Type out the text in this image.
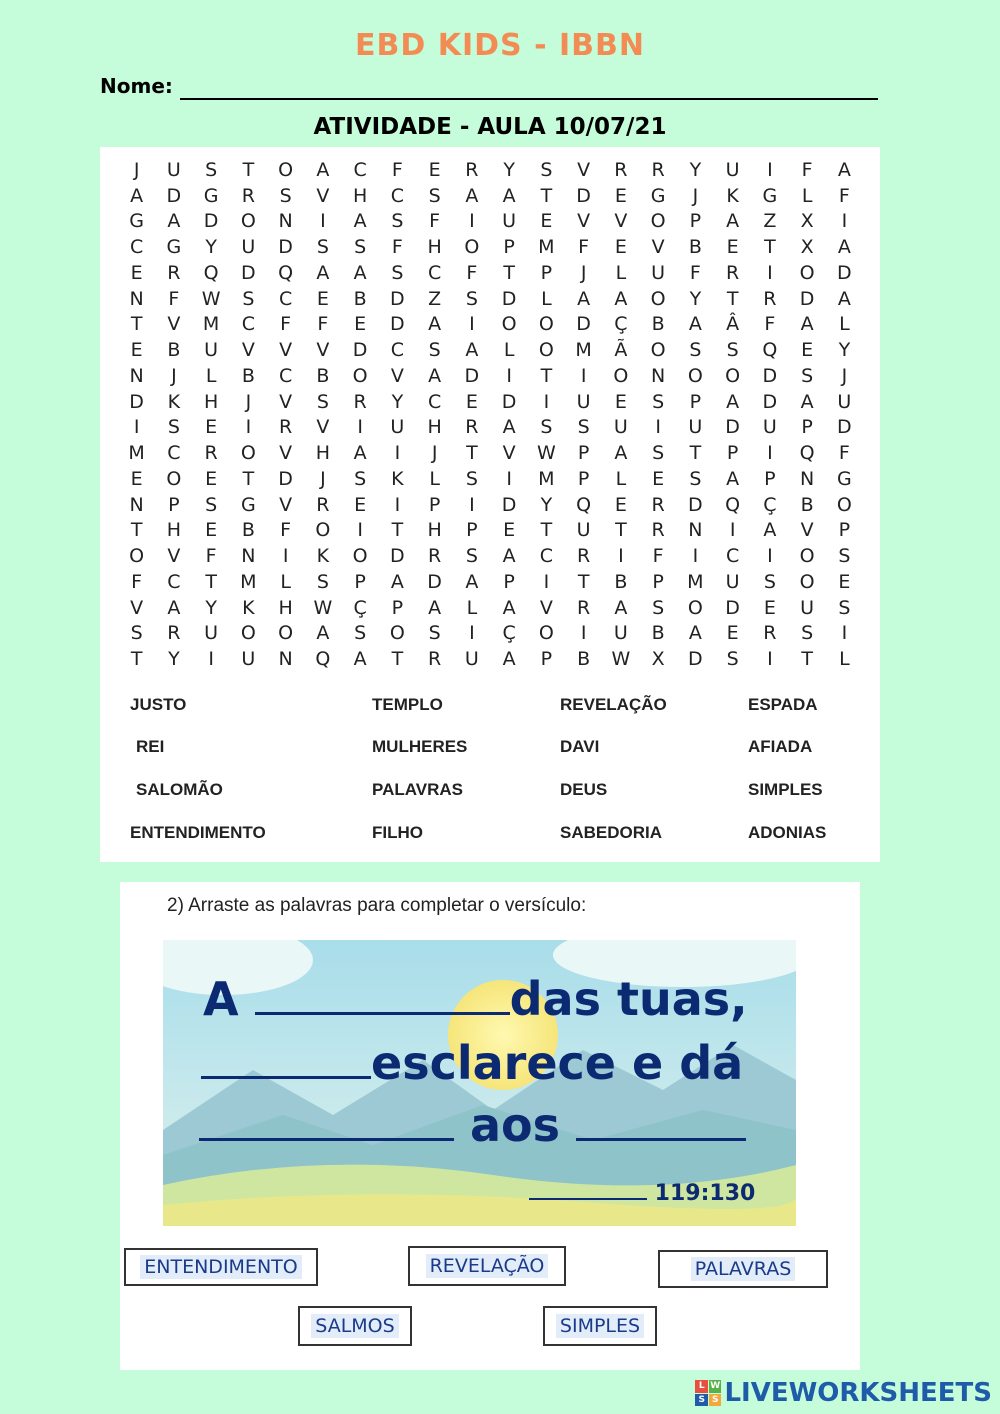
EBD KIDS - IBBN
Nome:
ATIVIDADE - AULA 10/07/21
J	U	S	T	O	A	C	F	E	R	Y	S	V	R	R	Y	U	I	F	A
A	D	G	R	S	V	H	C	S	A	A	T	D	E	G	J	K	G	L	F
G	A	D	O	N	I	A	S	F	I	U	E	V	V	O	P	A	Z	X	I
C	G	Y	U	D	S	S	F	H	O	P	M	F	E	V	B	E	T	X	A
E	R	Q	D	Q	A	A	S	C	F	T	P	J	L	U	F	R	I	O	D
N	F	W	S	C	E	B	D	Z	S	D	L	A	A	O	Y	T	R	D	A
T	V	M	C	F	F	E	D	A	I	O	O	D	Ç	B	A	Â	F	A	L
E	B	U	V	V	V	D	C	S	A	L	O	M	Ã	O	S	S	Q	E	Y
N	J	L	B	C	B	O	V	A	D	I	T	I	O	N	O	O	D	S	J
D	K	H	J	V	S	R	Y	C	E	D	I	U	E	S	P	A	D	A	U
I	S	E	I	R	V	I	U	H	R	A	S	S	U	I	U	D	U	P	D
M	C	R	O	V	H	A	I	J	T	V	W	P	A	S	T	P	I	Q	F
E	O	E	T	D	J	S	K	L	S	I	M	P	L	E	S	A	P	N	G
N	P	S	G	V	R	E	I	P	I	D	Y	Q	E	R	D	Q	Ç	B	O
T	H	E	B	F	O	I	T	H	P	E	T	U	T	R	N	I	A	V	P
O	V	F	N	I	K	O	D	R	S	A	C	R	I	F	I	C	I	O	S
F	C	T	M	L	S	P	A	D	A	P	I	T	B	P	M	U	S	O	E
V	A	Y	K	H	W	Ç	P	A	L	A	V	R	A	S	O	D	E	U	S
S	R	U	O	O	A	S	O	S	I	Ç	O	I	U	B	A	E	R	S	I
T	Y	I	U	N	Q	A	T	R	U	A	P	B	W	X	D	S	I	T	L
JUSTO	TEMPLO	REVELAÇÃO	ESPADA
REI	MULHERES	DAVI	AFIADA
SALOMÃO	PALAVRAS	DEUS	SIMPLES
ENTENDIMENTO	FILHO	SABEDORIA	ADONIAS
2) Arraste as palavras para completar o versículo:
A	das tuas,
esclarece e dá
aos
119:130
ENTENDIMENTO	REVELAÇÃO	PALAVRAS
SALMOS	SIMPLES
L W
S S LIVEWORKSHEETS
